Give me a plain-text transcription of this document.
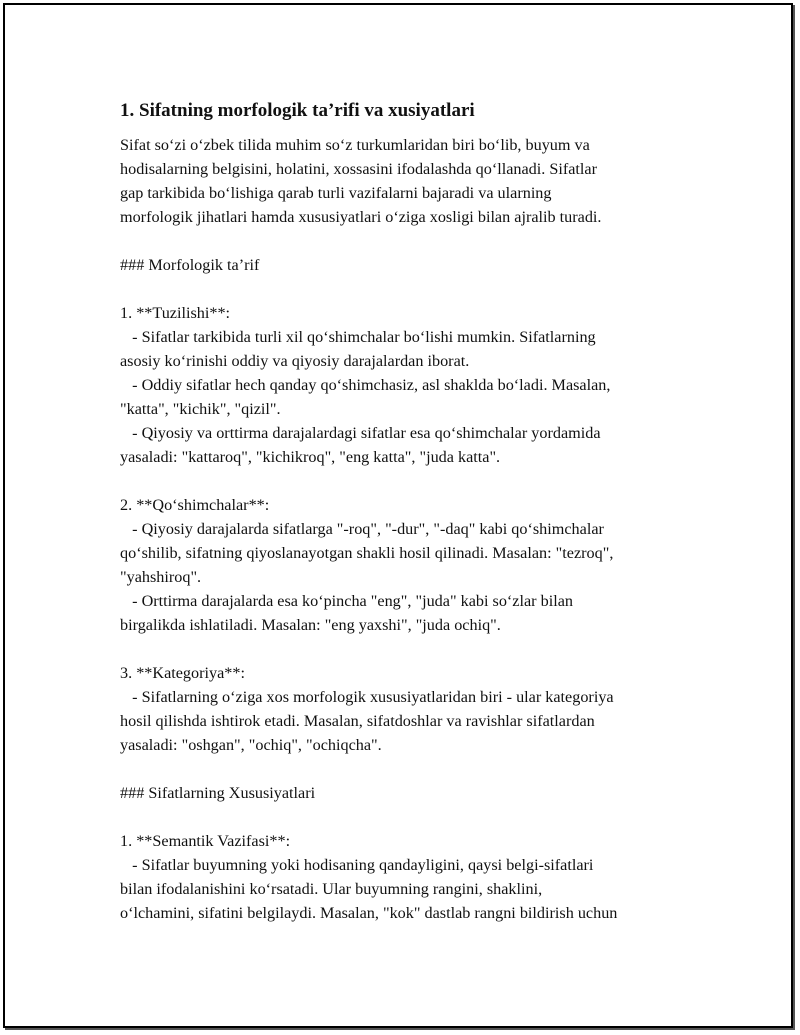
1. Sifatning morfologik ta’rifi va xusiyatlari
Sifat so‘zi o‘zbek tilida muhim so‘z turkumlaridan biri bo‘lib, buyum va
hodisalarning belgisini, holatini, xossasini ifodalashda qo‘llanadi. Sifatlar
gap tarkibida bo‘lishiga qarab turli vazifalarni bajaradi va ularning
morfologik jihatlari hamda xususiyatlari o‘ziga xosligi bilan ajralib turadi.
### Morfologik ta’rif
1. **Tuzilishi**:
- Sifatlar tarkibida turli xil qo‘shimchalar bo‘lishi mumkin. Sifatlarning
asosiy ko‘rinishi oddiy va qiyosiy darajalardan iborat.
- Oddiy sifatlar hech qanday qo‘shimchasiz, asl shaklda bo‘ladi. Masalan,
"katta", "kichik", "qizil".
- Qiyosiy va orttirma darajalardagi sifatlar esa qo‘shimchalar yordamida
yasaladi: "kattaroq", "kichikroq", "eng katta", "juda katta".
2. **Qo‘shimchalar**:
- Qiyosiy darajalarda sifatlarga "-roq", "-dur", "-daq" kabi qo‘shimchalar
qo‘shilib, sifatning qiyoslanayotgan shakli hosil qilinadi. Masalan: "tezroq",
"yahshiroq".
- Orttirma darajalarda esa ko‘pincha "eng", "juda" kabi so‘zlar bilan
birgalikda ishlatiladi. Masalan: "eng yaxshi", "juda ochiq".
3. **Kategoriya**:
- Sifatlarning o‘ziga xos morfologik xususiyatlaridan biri - ular kategoriya
hosil qilishda ishtirok etadi. Masalan, sifatdoshlar va ravishlar sifatlardan
yasaladi: "oshgan", "ochiq", "ochiqcha".
### Sifatlarning Xususiyatlari
1. **Semantik Vazifasi**:
- Sifatlar buyumning yoki hodisaning qandayligini, qaysi belgi-sifatlari
bilan ifodalanishini ko‘rsatadi. Ular buyumning rangini, shaklini,
o‘lchamini, sifatini belgilaydi. Masalan, "kok" dastlab rangni bildirish uchun
